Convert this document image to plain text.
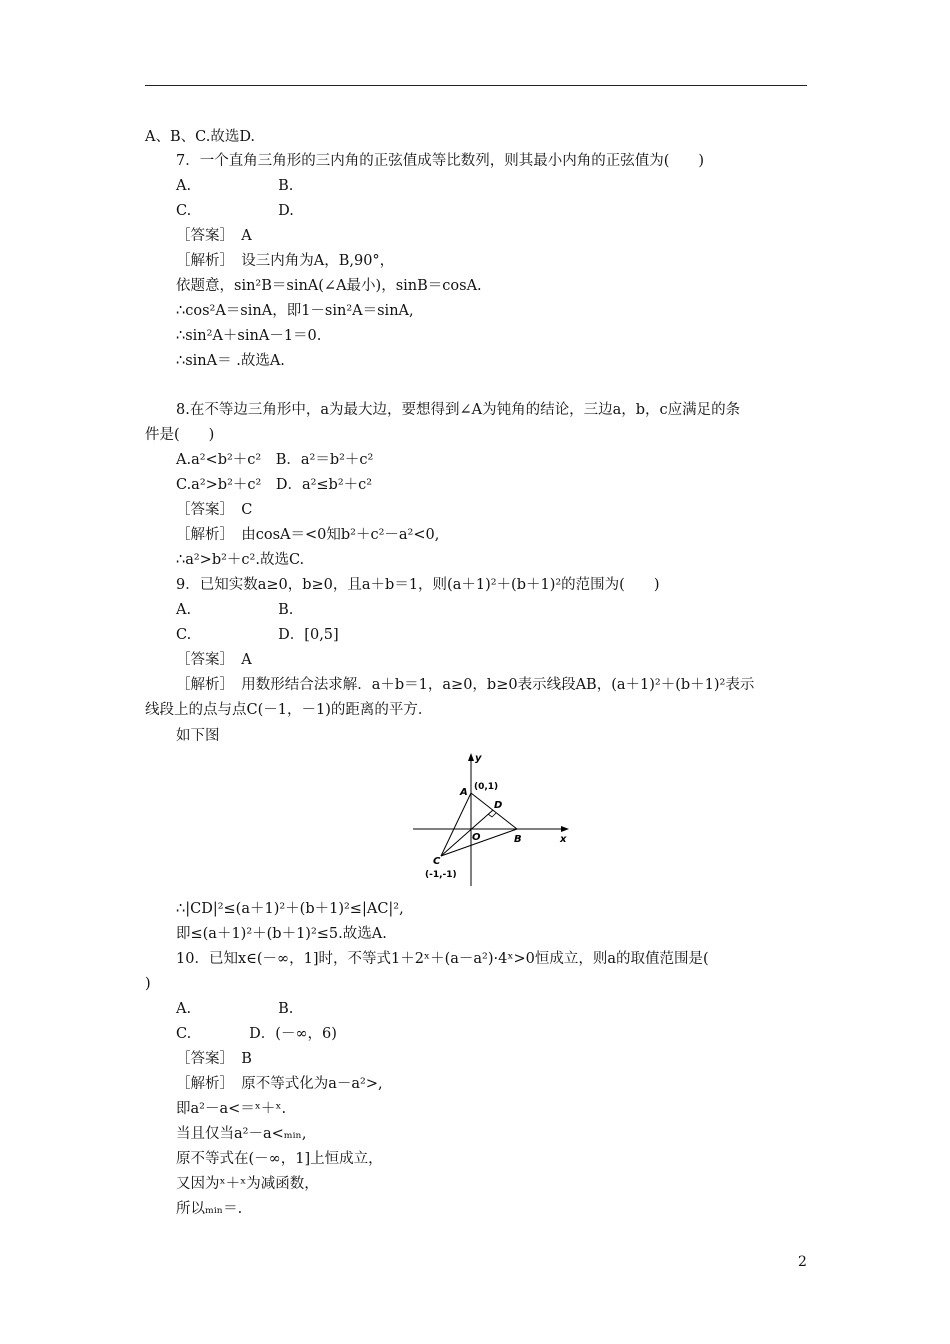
A、B、C.故选D.
7．一个直角三角形的三内角的正弦值成等比数列，则其最小内角的正弦值为(　　)
A.　　　　　　B.
C.　　　　　　D.
［答案］　A
［解析］　设三内角为A，B,90°，
依题意，sin²B＝sinA(∠A最小)，sinB＝cosA.
∴cos²A＝sinA，即1－sin²A＝sinA,
∴sin²A＋sinA－1＝0.
∴sinA＝ .故选A.
8.在不等边三角形中，a为最大边，要想得到∠A为钝角的结论，三边a，b，c应满足的条
件是(　　)
A.a²<b²＋c²　B．a²＝b²＋c²
C.a²>b²＋c²　D．a²≤b²＋c²
［答案］　C
［解析］　由cosA＝<0知b²＋c²－a²<0,
∴a²>b²＋c².故选C.
9．已知实数a≥0，b≥0，且a＋b＝1，则(a＋1)²＋(b＋1)²的范围为(　　)
A.　　　　　　B.
C.　　　　　　D．[0,5]
［答案］　A
［解析］　用数形结合法求解．a＋b＝1，a≥0，b≥0表示线段AB，(a＋1)²＋(b＋1)²表示
线段上的点与点C(－1，－1)的距离的平方．
如下图
y
x
A (0,1)
D
O	B
C
(-1,-1)
∴|CD|²≤(a＋1)²＋(b＋1)²≤|AC|²,
即≤(a＋1)²＋(b＋1)²≤5.故选A.
10．已知x∈(－∞，1]时，不等式1＋2ˣ＋(a－a²)·4ˣ>0恒成立，则a的取值范围是(
)
A.　　　　　　B.
C.　　　　D．(－∞，6)
［答案］　B
［解析］　原不等式化为a－a²>,
即a²－a<＝ˣ＋ˣ.
当且仅当a²－a<ₘᵢₙ,
原不等式在(－∞，1]上恒成立，
又因为ˣ＋ˣ为减函数，
所以ₘᵢₙ＝.
2
